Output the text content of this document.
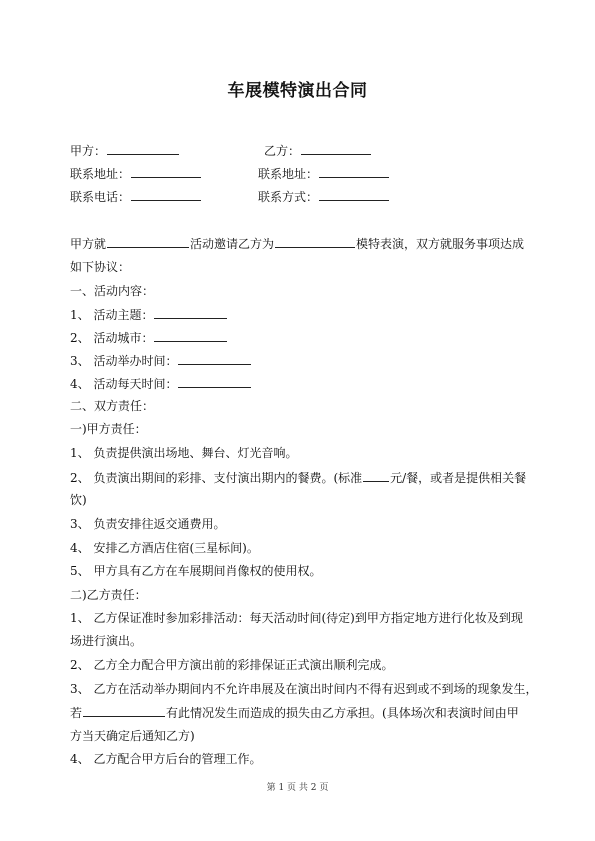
车展模特演出合同
甲方：	乙方：
联系地址：	联系地址：
联系电话：	联系方式：
甲方就	活动邀请乙方为	模特表演，双方就服务事项达成
如下协议：
一、活动内容：
1、 活动主题：
2、 活动城市：
3、 活动举办时间：
4、 活动每天时间：
二、双方责任：
一)甲方责任：
1、 负责提供演出场地、舞台、灯光音响。
2、 负责演出期间的彩排、支付演出期内的餐费。(标准 元/餐，或者是提供相关餐
饮)
3、 负责安排往返交通费用。
4、 安排乙方酒店住宿(三星标间)。
5、 甲方具有乙方在车展期间肖像权的使用权。
二)乙方责任：
1、 乙方保证准时参加彩排活动：每天活动时间(待定)到甲方指定地方进行化妆及到现
场进行演出。
2、 乙方全力配合甲方演出前的彩排保证正式演出顺利完成。
3、 乙方在活动举办期间内不允许串展及在演出时间内不得有迟到或不到场的现象发生，
若	有此情况发生而造成的损失由乙方承担。(具体场次和表演时间由甲
方当天确定后通知乙方)
4、 乙方配合甲方后台的管理工作。
第 1 页 共 2 页
